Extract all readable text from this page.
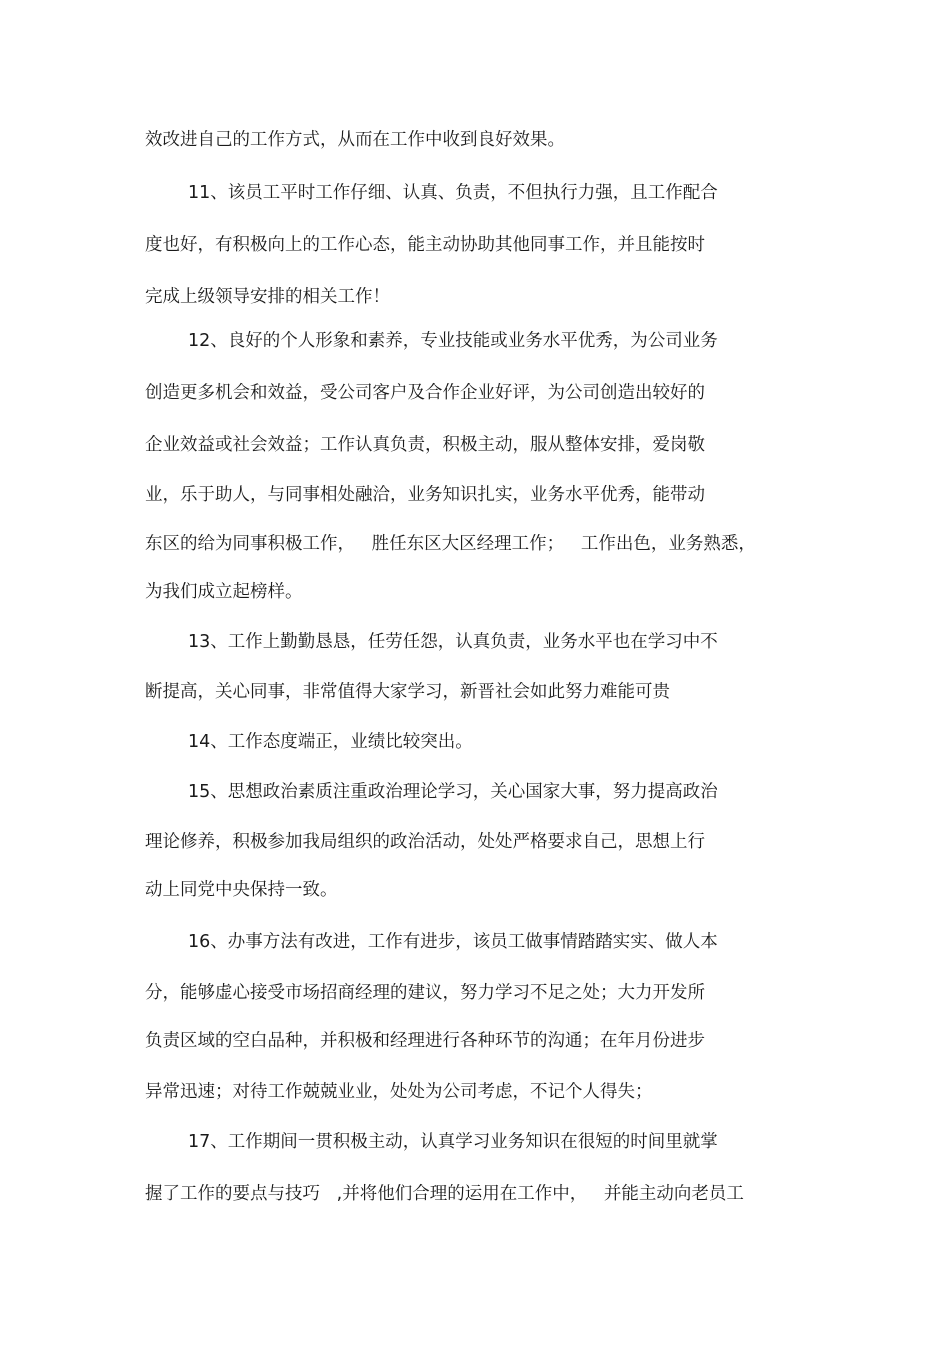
效改进自己的工作方式，从而在工作中收到良好效果。
11、该员工平时工作仔细、认真、负责，不但执行力强，且工作配合
度也好，有积极向上的工作心态，能主动协助其他同事工作，并且能按时
完成上级领导安排的相关工作！
12、良好的个人形象和素养，专业技能或业务水平优秀，为公司业务
创造更多机会和效益，受公司客户及合作企业好评，为公司创造出较好的
企业效益或社会效益；工作认真负责，积极主动，服从整体安排，爱岗敬
业，乐于助人，与同事相处融洽，业务知识扎实，业务水平优秀，能带动
东区的给为同事积极工作，   胜任东区大区经理工作；   工作出色，业务熟悉，
为我们成立起榜样。
13、工作上勤勤恳恳，任劳任怨，认真负责，业务水平也在学习中不
断提高，关心同事，非常值得大家学习，新晋社会如此努力难能可贵
14、工作态度端正，业绩比较突出。
15、思想政治素质注重政治理论学习，关心国家大事，努力提高政治
理论修养，积极参加我局组织的政治活动，处处严格要求自己，思想上行
动上同党中央保持一致。
16、办事方法有改进，工作有进步，该员工做事情踏踏实实、做人本
分，能够虚心接受市场招商经理的建议，努力学习不足之处；大力开发所
负责区域的空白品种，并积极和经理进行各种环节的沟通；在年月份进步
异常迅速；对待工作兢兢业业，处处为公司考虑，不记个人得失；
17、工作期间一贯积极主动，认真学习业务知识在很短的时间里就掌
握了工作的要点与技巧   ,并将他们合理的运用在工作中，   并能主动向老员工
